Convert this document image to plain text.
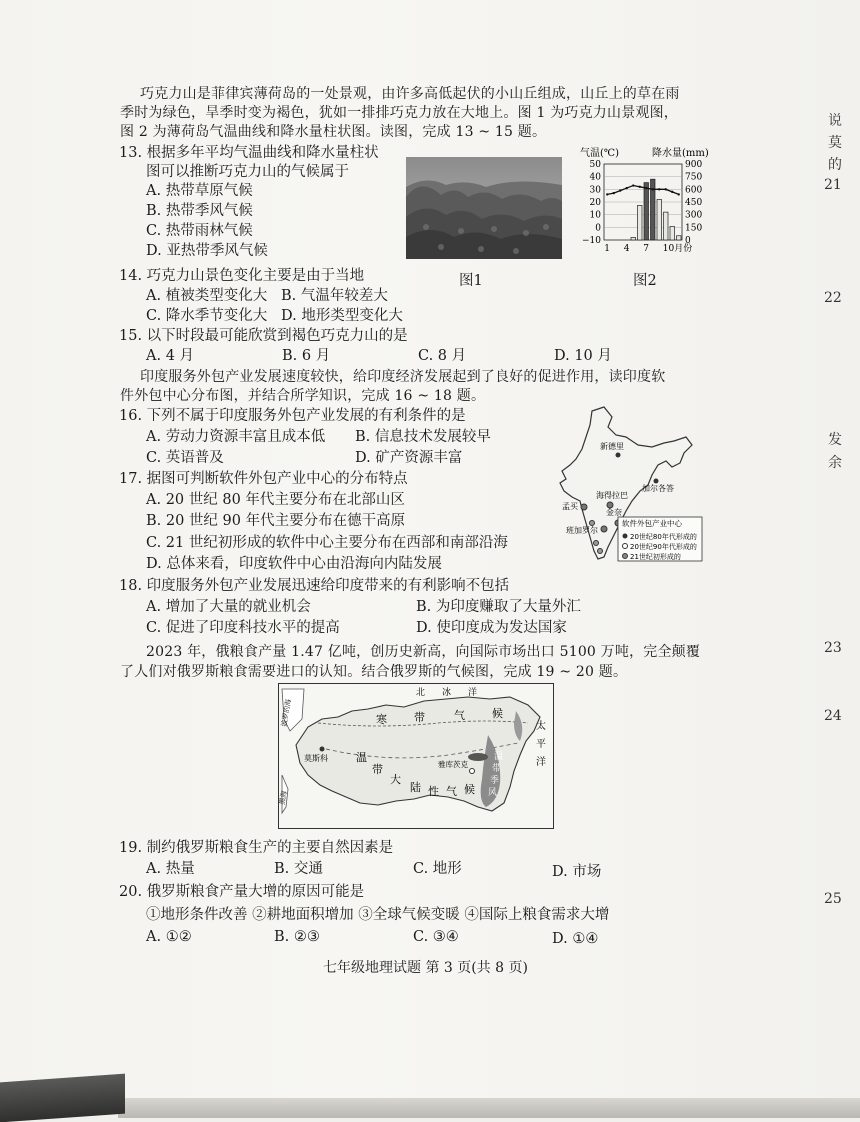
巧克力山是菲律宾薄荷岛的一处景观，由许多高低起伏的小山丘组成，山丘上的草在雨
季时为绿色，旱季时变为褐色，犹如一排排巧克力放在大地上。图 1 为巧克力山景观图，
图 2 为薄荷岛气温曲线和降水量柱状图。读图，完成 13 ~ 15 题。
13. 根据多年平均气温曲线和降水量柱状
图可以推断巧克力山的气候属于
A. 热带草原气候
B. 热带季风气候
C. 热带雨林气候
D. 亚热带季风气候
图1
气温(℃)	降水量(mm)
50
40
30
20
10
0
−10
900
750
600
450
300
150
0
1 4 7 10月份
图2
14. 巧克力山景色变化主要是由于当地
A. 植被类型变化大 B. 气温年较差大
C. 降水季节变化大 D. 地形类型变化大
15. 以下时段最可能欣赏到褐色巧克力山的是
A. 4 月	B. 6 月	C. 8 月	D. 10 月
印度服务外包产业发展速度较快，给印度经济发展起到了良好的促进作用，读印度软
件外包中心分布图，并结合所学知识，完成 16 ~ 18 题。
16. 下列不属于印度服务外包产业发展的有利条件的是
A. 劳动力资源丰富且成本低 B. 信息技术发展较早
C. 英语普及	D. 矿产资源丰富
新德里
加尔各答
孟买
海得拉巴
金奈
班加罗尔
软件外包产业中心
20世纪80年代形成的
20世纪90年代形成的
21世纪初形成的
17. 据图可判断软件外包产业中心的分布特点
A. 20 世纪 80 年代主要分布在北部山区
B. 20 世纪 90 年代主要分布在德干高原
C. 21 世纪初形成的软件中心主要分布在西部和南部沿海
D. 总体来看，印度软件中心由沿海向内陆发展
18. 印度服务外包产业发展迅速给印度带来的有利影响不包括
A. 增加了大量的就业机会	B. 为印度赚取了大量外汇
C. 促进了印度科技水平的提高	D. 使印度成为发达国家
2023 年，俄粮食产量 1.47 亿吨，创历史新高，向国际市场出口 5100 万吨，完全颠覆
了人们对俄罗斯粮食需要进口的认知。结合俄罗斯的气候图，完成 19 ~ 20 题。
北 冰 洋
寒 带	气 候
温
带
大
陆 性 气 候
莫斯科
雅库茨克
温
带
季
风
太
平
洋
波罗的海
黑海
19. 制约俄罗斯粮食生产的主要自然因素是
A. 热量	B. 交通	C. 地形	D. 市场
20. 俄罗斯粮食产量大增的原因可能是
①地形条件改善 ②耕地面积增加 ③全球气候变暖 ④国际上粮食需求大增
A. ①②	B. ②③	C. ③④	D. ①④
七年级地理试题 第 3 页(共 8 页)
说
莫
的
21
22
发
余
23
24
25
